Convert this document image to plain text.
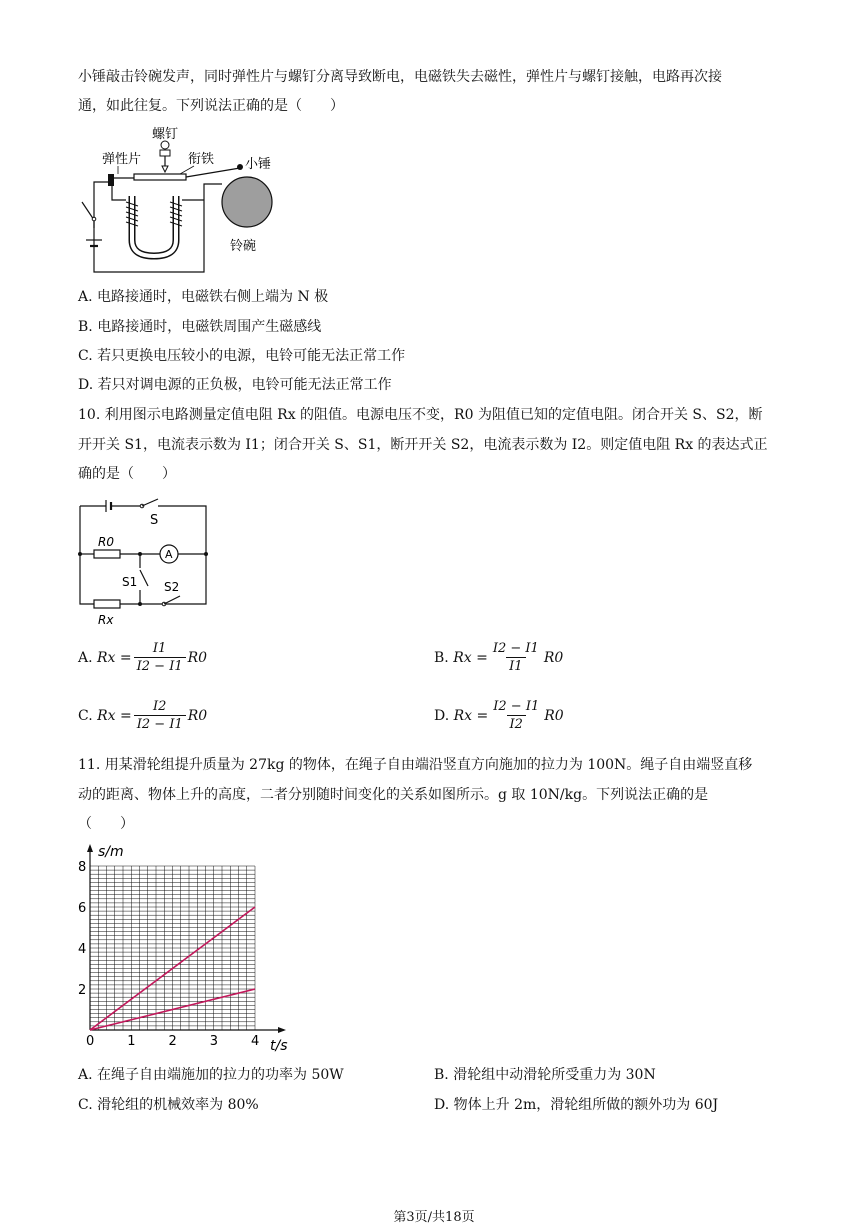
小锤敲击铃碗发声，同时弹性片与螺钉分离导致断电，电磁铁失去磁性，弹性片与螺钉接触，电路再次接
通，如此往复。下列说法正确的是（　　）
螺钉
弹性片	衔铁 小锤
铃碗
A. 电路接通时，电磁铁右侧上端为 N 极
B. 电路接通时，电磁铁周围产生磁感线
C. 若只更换电压较小的电源，电铃可能无法正常工作
D. 若只对调电源的正负极，电铃可能无法正常工作
10. 利用图示电路测量定值电阻 Rx 的阻值。电源电压不变，R0 为阻值已知的定值电阻。闭合开关 S、S2，断
开开关 S1，电流表示数为 I1；闭合开关 S、S1，断开开关 S2，电流表示数为 I2。则定值电阻 Rx 的表达式正
确的是（　　）
S
A
R0
S1 S2
Rx
A.
$Rx = \frac{I1}{I2 - I1} R0$	B.
$Rx = \frac{I2 - I1}{I1} R0$
C.
$Rx = \frac{I2}{I2 - I1} R0$	D.
$Rx = \frac{I2 - I1}{I2} R0$
11. 用某滑轮组提升质量为 27kg 的物体，在绳子自由端沿竖直方向施加的拉力为 100N。绳子自由端竖直移
动的距离、物体上升的高度，二者分别随时间变化的关系如图所示。g 取 10N/kg。下列说法正确的是
（　　）
0	1	2	3	4
2
4
6
8
s/m
t/s
A. 在绳子自由端施加的拉力的功率为 50W	B. 滑轮组中动滑轮所受重力为 30N
C. 滑轮组的机械效率为 80%	D. 物体上升 2m，滑轮组所做的额外功为 60J
第3页/共18页
